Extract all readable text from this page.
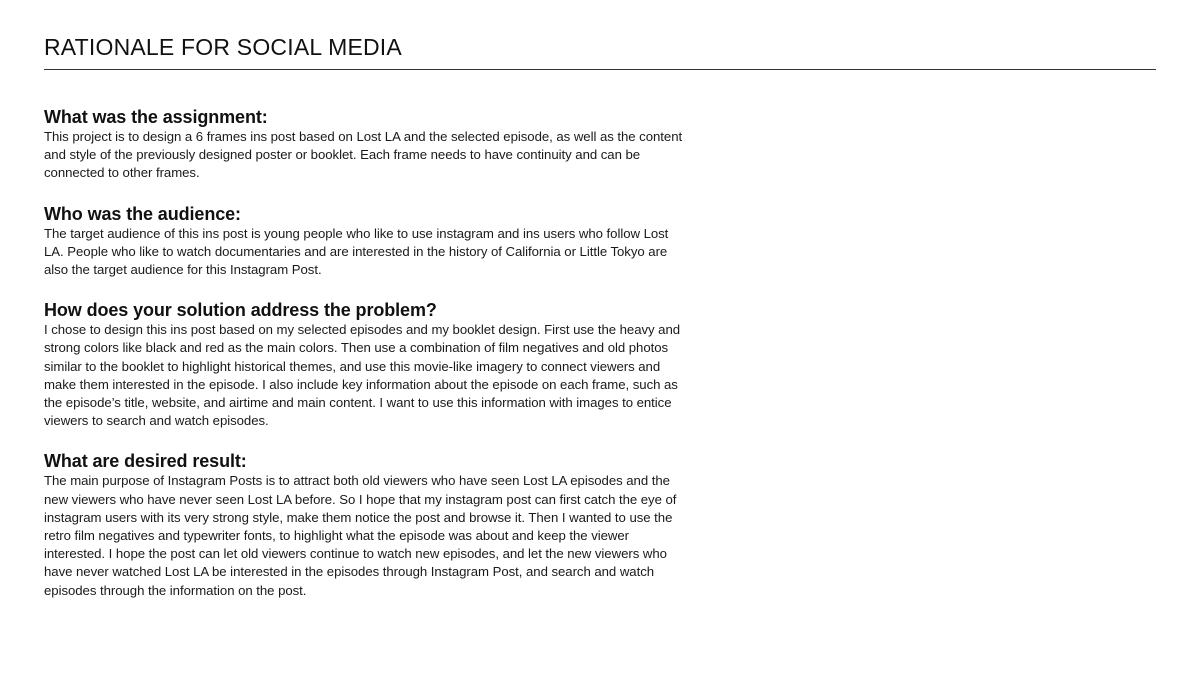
RATIONALE FOR SOCIAL MEDIA
What was the assignment:

This project is to design a 6 frames ins post based on Lost LA and the selected episode, as well as the content and style of the previously designed poster or booklet. Each frame needs to have continuity and can be connected to other frames.

Who was the audience:

The target audience of this ins post is young people who like to use instagram and ins users who follow Lost LA. People who like to watch documentaries and are interested in the history of California or Little Tokyo are also the target audience for this Instagram Post.

How does your solution address the problem?

I chose to design this ins post based on my selected episodes and my booklet design. First use the heavy and strong colors like black and red as the main colors. Then use a combination of film negatives and old photos similar to the booklet to highlight historical themes, and use this movie-like imagery to connect viewers and make them interested in the episode. I also include key information about the episode on each frame, such as the episode’s title, website, and airtime and main content. I want to use this information with images to entice viewers to search and watch episodes.

What are desired result:

The main purpose of Instagram Posts is to attract both old viewers who have seen Lost LA episodes and the new viewers who have never seen Lost LA before. So I hope that my instagram post can first catch the eye of instagram users with its very strong style, make them notice the post and browse it. Then I wanted to use the retro film negatives and typewriter fonts, to highlight what the episode was about and keep the viewer interested. I hope the post can let old viewers continue to watch new episodes, and let the new viewers who have never watched Lost LA be interested in the episodes through Instagram Post, and search and watch episodes through the information on the post.
